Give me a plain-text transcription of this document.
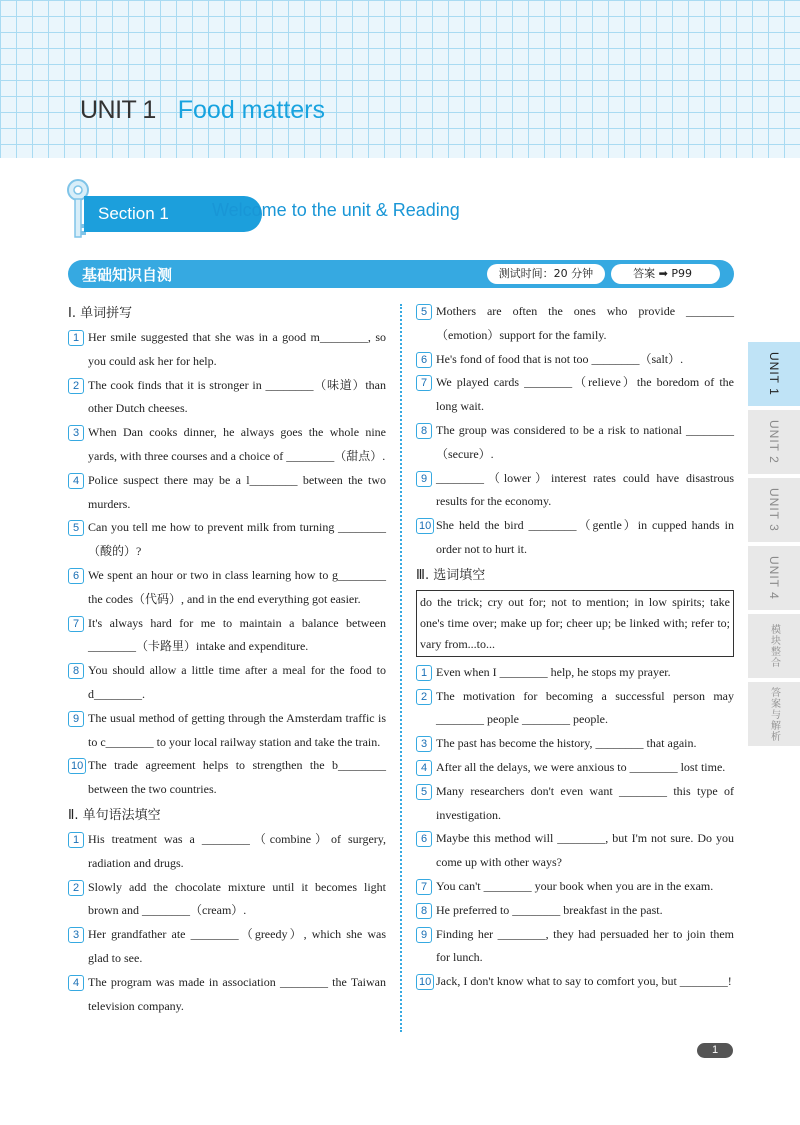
UNIT 1 Food matters
Section 1	Welcome to the unit & Reading
基础知识自测	测试时间：20 分钟	答案 ➡ P99
Ⅰ. 单词拼写
1 Her smile suggested that she was in a good m________, so you could ask her for help.
2 The cook finds that it is stronger in ________（味道）than other Dutch cheeses.
3 When Dan cooks dinner, he always goes the whole nine yards, with three courses and a choice of ________（甜点）.
4 Police suspect there may be a l________ between the two murders.
5 Can you tell me how to prevent milk from turning ________（酸的）?
6 We spent an hour or two in class learning how to g________ the codes（代码）, and in the end everything got easier.
7 It's always hard for me to maintain a balance between ________（卡路里）intake and expenditure.
8 You should allow a little time after a meal for the food to d________.
9 The usual method of getting through the Amsterdam traffic is to c________ to your local railway station and take the train.
10 The trade agreement helps to strengthen the b________ between the two countries.
Ⅱ. 单句语法填空
1 His treatment was a ________（combine）of surgery, radiation and drugs.
2 Slowly add the chocolate mixture until it becomes light brown and ________（cream）.
3 Her grandfather ate ________（greedy）, which she was glad to see.
4 The program was made in association ________ the Taiwan television company.
5 Mothers are often the ones who provide ________（emotion）support for the family.
6 He's fond of food that is not too ________（salt）.
7 We played cards ________（relieve）the boredom of the long wait.
8 The group was considered to be a risk to national ________（secure）.
9 ________（lower）interest rates could have disastrous results for the economy.
10 She held the bird ________（gentle）in cupped hands in order not to hurt it.
Ⅲ. 选词填空
do the trick; cry out for; not to mention; in low spirits; take one's time over; make up for; cheer up; be linked with; refer to; vary from...to...
1 Even when I ________ help, he stops my prayer.
2 The motivation for becoming a successful person may ________ people ________ people.
3 The past has become the history, ________ that again.
4 After all the delays, we were anxious to ________ lost time.
5 Many researchers don't even want ________ this type of investigation.
6 Maybe this method will ________, but I'm not sure. Do you come up with other ways?
7 You can't ________ your book when you are in the exam.
8 He preferred to ________ breakfast in the past.
9 Finding her ________, they had persuaded her to join them for lunch.
10 Jack, I don't know what to say to comfort you, but ________!
UNIT 1
UNIT 2
UNIT 3
UNIT 4
模块整合
答案与解析
1
